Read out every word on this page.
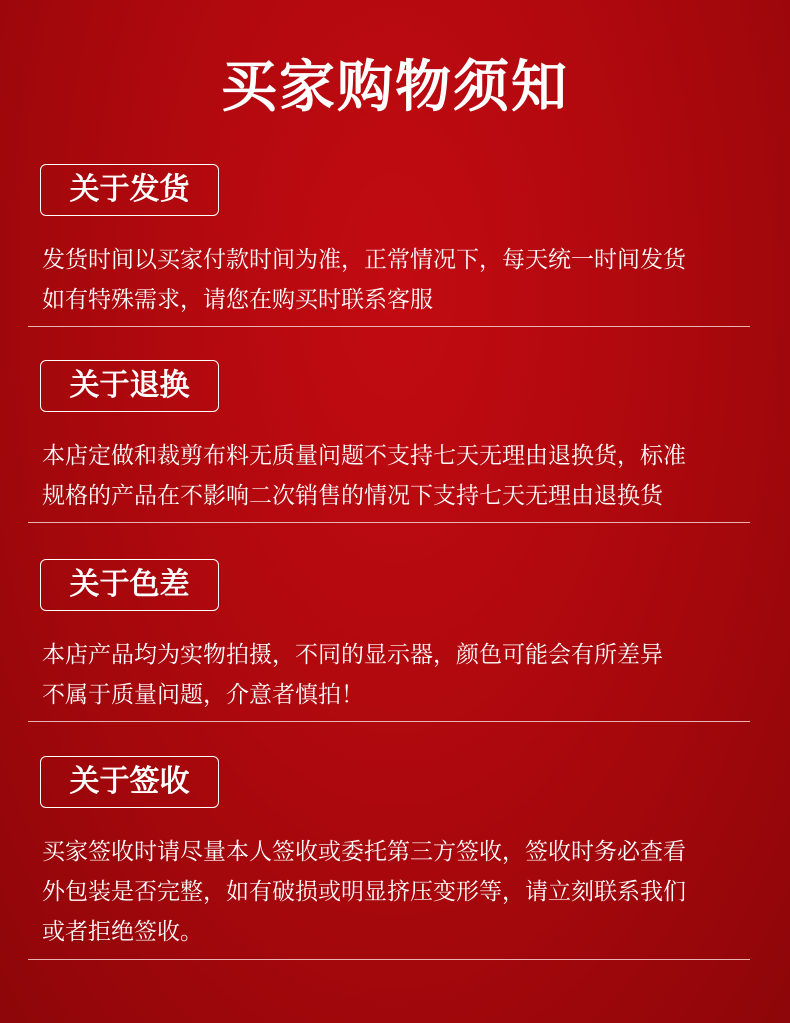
买家购物须知
关于发货
发货时间以买家付款时间为准，正常情况下，每天统一时间发货
如有特殊需求，请您在购买时联系客服
关于退换
本店定做和裁剪布料无质量问题不支持七天无理由退换货，标准
规格的产品在不影响二次销售的情况下支持七天无理由退换货
关于色差
本店产品均为实物拍摄，不同的显示器，颜色可能会有所差异
不属于质量问题，介意者慎拍！
关于签收
买家签收时请尽量本人签收或委托第三方签收，签收时务必查看
外包装是否完整，如有破损或明显挤压变形等，请立刻联系我们
或者拒绝签收。
